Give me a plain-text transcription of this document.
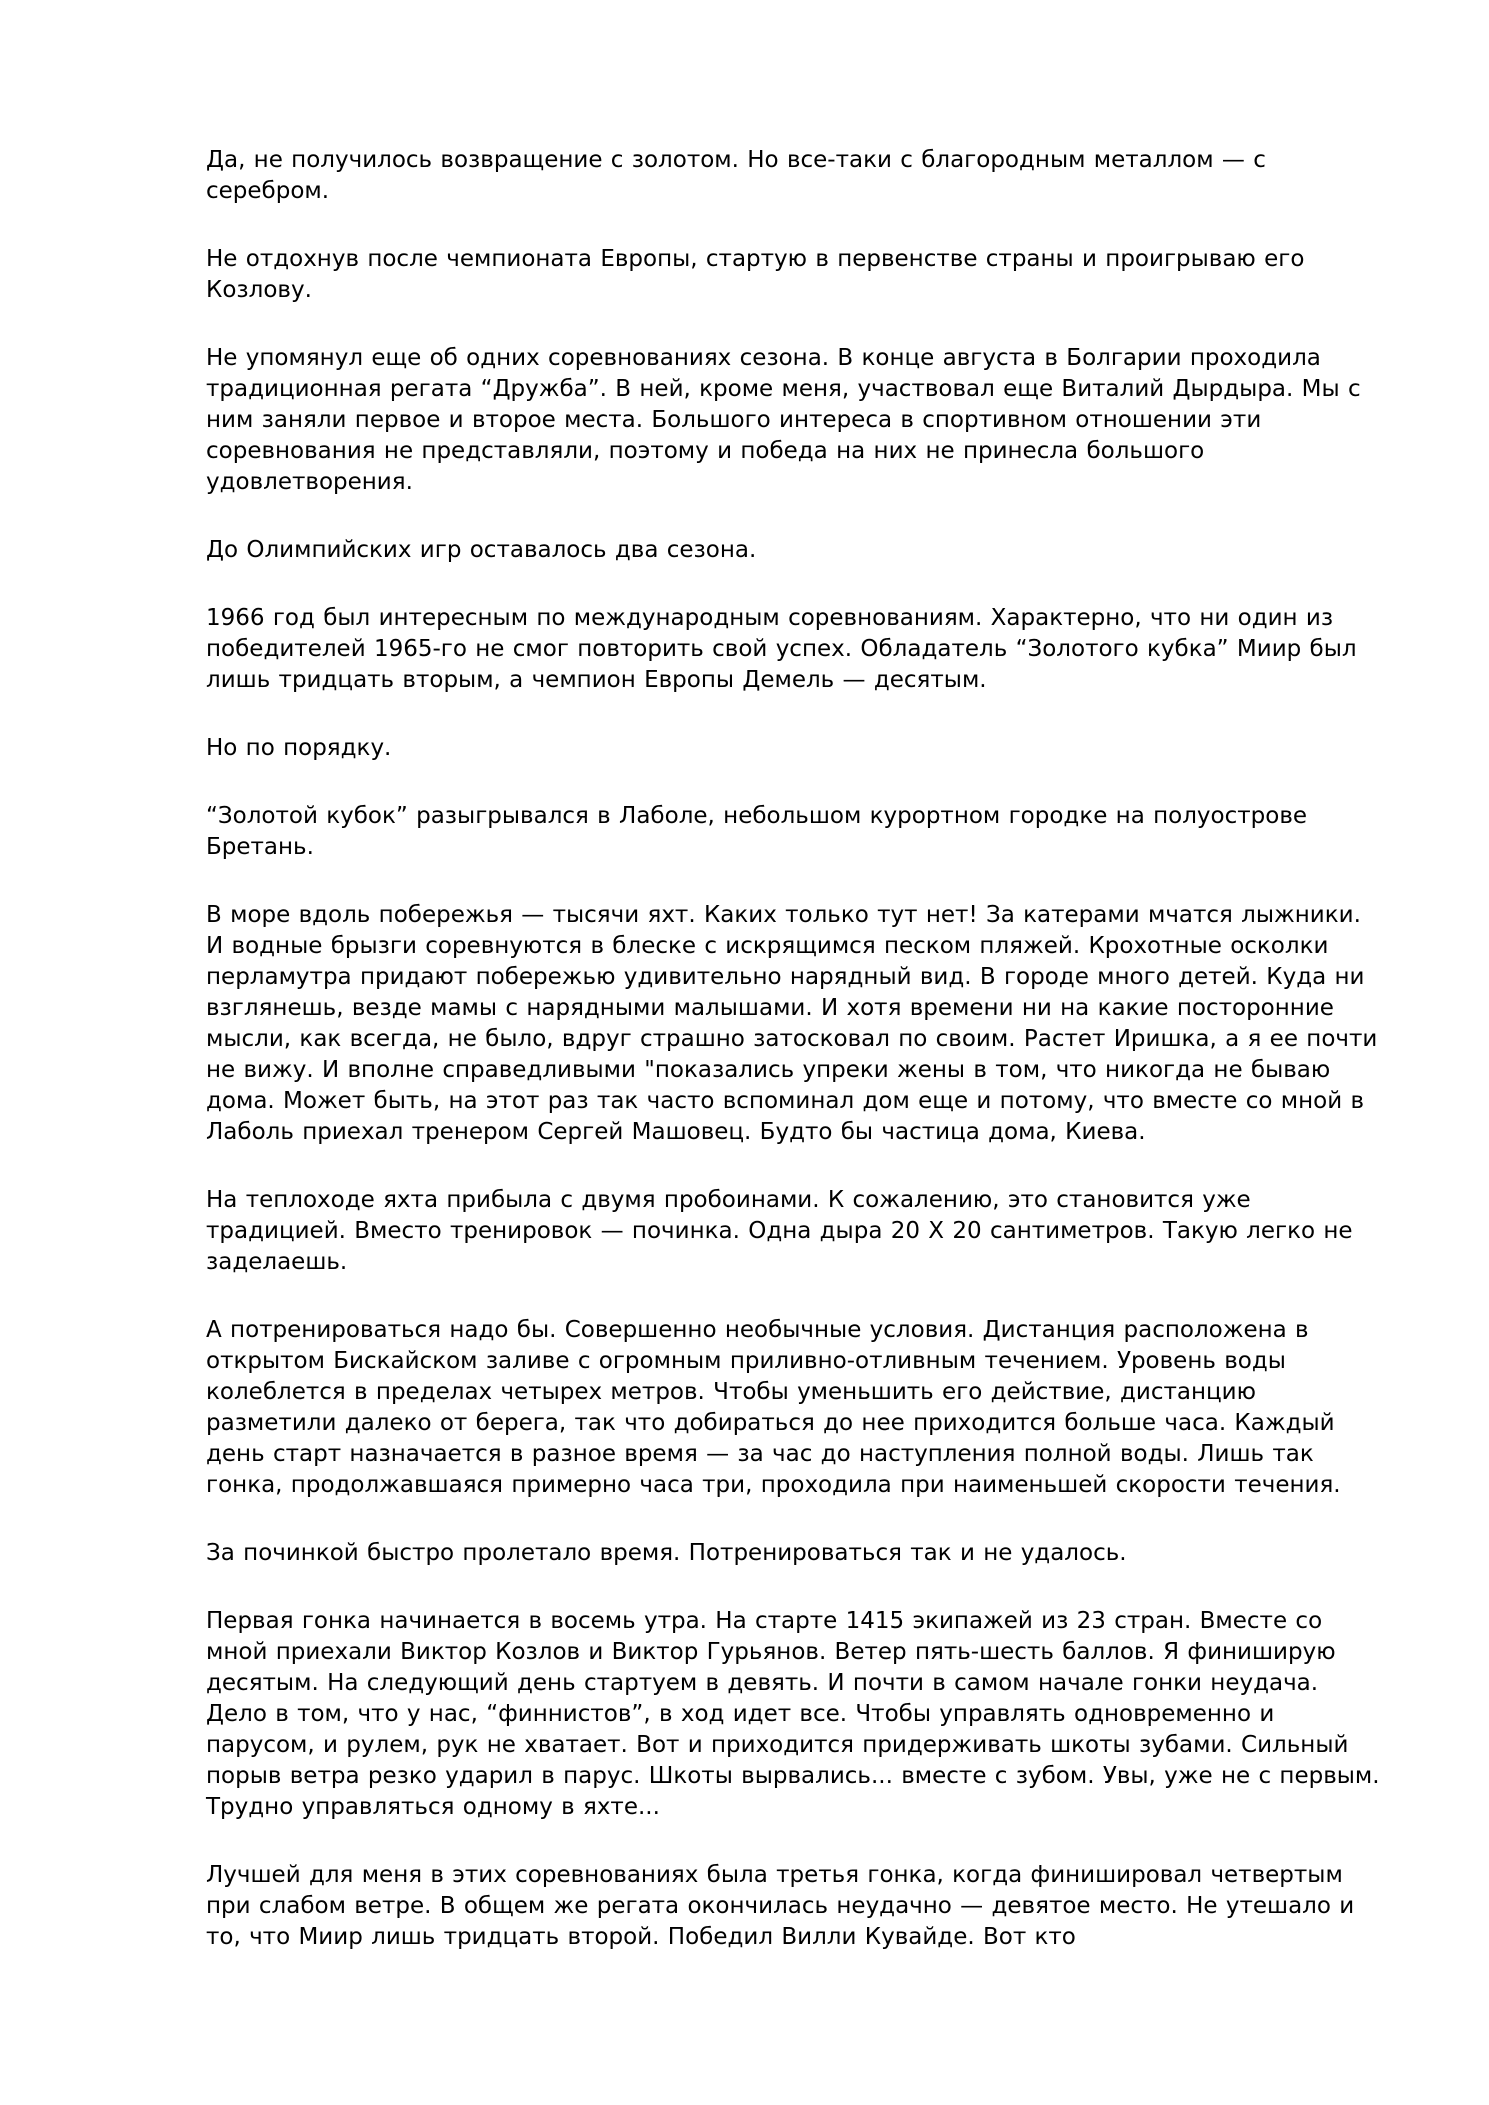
Да, не получилось возвращение с золотом. Но все-таки с благородным металлом — с серебром.

Не отдохнув после чемпионата Европы, стартую в первенстве страны и проигрываю его Козлову.

Не упомянул еще об одних соревнованиях сезона. В конце августа в Болгарии проходила традиционная регата “Дружба”. В ней, кроме меня, участвовал еще Виталий Дырдыра. Мы с ним заняли первое и второе места. Большого интереса в спортивном отношении эти соревнования не представляли, поэтому и победа на них не принесла большого удовлетворения.

До Олимпийских игр оставалось два сезона.

1966 год был интересным по международным соревнованиям. Характерно, что ни один из победителей 1965-го не смог повторить свой успех. Обладатель “Золотого кубка” Миир был лишь тридцать вторым, а чемпион Европы Демель — десятым.

Но по порядку.

“Золотой кубок” разыгрывался в Лаболе, небольшом курортном городке на полуострове Бретань.

В море вдоль побережья — тысячи яхт. Каких только тут нет! За катерами мчатся лыжники. И водные брызги соревнуются в блеске с искрящимся песком пляжей. Крохотные осколки перламутра придают побережью удивительно нарядный вид. В городе много детей. Куда ни взглянешь, везде мамы с нарядными малышами. И хотя времени ни на какие посторонние мысли, как всегда, не было, вдруг страшно затосковал по своим. Растет Иришка, а я ее почти не вижу. И вполне справедливыми "показались упреки жены в том, что никогда не бываю дома. Может быть, на этот раз так часто вспоминал дом еще и потому, что вместе со мной в Лаболь приехал тренером Сергей Машовец. Будто бы частица дома, Киева.

На теплоходе яхта прибыла с двумя пробоинами. К сожалению, это становится уже традицией. Вместо тренировок — починка. Одна дыра 20 X 20 сантиметров. Такую легко не заделаешь.

А потренироваться надо бы. Совершенно необычные условия. Дистанция расположена в открытом Бискайском заливе с огромным приливно-отливным течением. Уровень воды колеблется в пределах четырех метров. Чтобы уменьшить его действие, дистанцию разметили далеко от берега, так что добираться до нее приходится больше часа. Каждый день старт назначается в разное время — за час до наступления полной воды. Лишь так гонка, продолжавшаяся примерно часа три, проходила при наименьшей скорости течения.

За починкой быстро пролетало время. Потренироваться так и не удалось.

Первая гонка начинается в восемь утра. На старте 1415 экипажей из 23 стран. Вместе со мной приехали Виктор Козлов и Виктор Гурьянов. Ветер пять-шесть баллов. Я финиширую десятым. На следующий день стартуем в девять. И почти в самом начале гонки неудача. Дело в том, что у нас, “финнистов”, в ход идет все. Чтобы управлять одновременно и парусом, и рулем, рук не хватает. Вот и приходится придерживать шкоты зубами. Сильный порыв ветра резко ударил в парус. Шкоты вырвались... вместе с зубом. Увы, уже не с первым. Трудно управляться одному в яхте...

Лучшей для меня в этих соревнованиях была третья гонка, когда финишировал четвертым при слабом ветре. В общем же регата окончилась неудачно — девятое место. Не утешало и то, что Миир лишь тридцать второй. Победил Вилли Кувайде. Вот кто
